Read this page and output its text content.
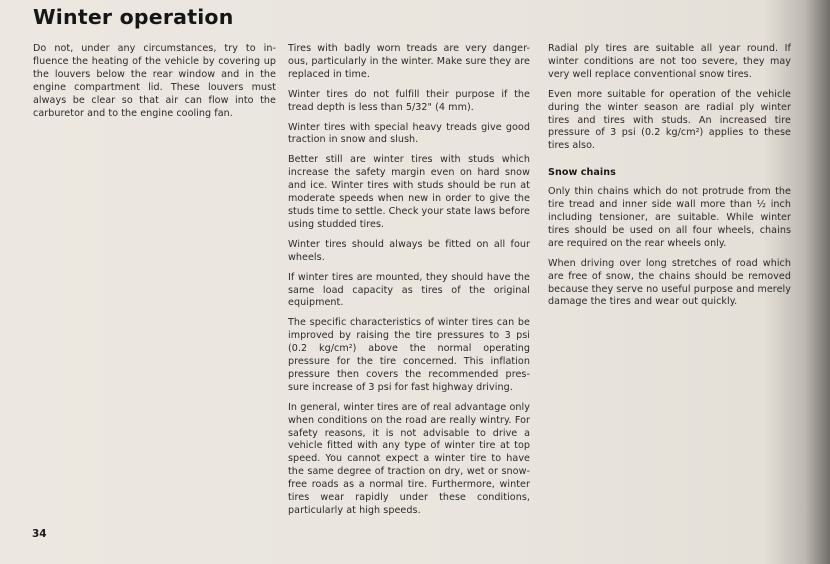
Winter operation

Do not, under any circumstances, try to in- fluence the heating of the vehicle by covering up the louvers below the rear window and in the engine compartment lid. These louvers must always be clear so that air can flow into the carburetor and to the engine cooling fan.

Tires with badly worn treads are very danger- ous, particularly in the winter. Make sure they are replaced in time.

Winter tires do not fulfill their purpose if the tread depth is less than 5/32" (4 mm).

Winter tires with special heavy treads give good traction in snow and slush.

Better still are winter tires with studs which increase the safety margin even on hard snow and ice. Winter tires with studs should be run at moderate speeds when new in order to give the studs time to settle. Check your state laws before using studded tires.

Winter tires should always be fitted on all four wheels.

If winter tires are mounted, they should have the same load capacity as tires of the original equipment.

The specific characteristics of winter tires can be improved by raising the tire pressures to 3 psi (0.2 kg/cm²) above the normal operating pressure for the tire concerned. This inflation pressure then covers the recommended pres- sure increase of 3 psi for fast highway driving.

In general, winter tires are of real advantage only when conditions on the road are really wintry. For safety reasons, it is not advisable to drive a vehicle fitted with any type of winter tire at top speed. You cannot expect a winter tire to have the same degree of traction on dry, wet or snow-free roads as a normal tire. Furthermore, winter tires wear rapidly under these conditions, particularly at high speeds.

Radial ply tires are suitable all year round. If winter conditions are not too severe, they may very well replace conventional snow tires.

Even more suitable for operation of the vehicle during the winter season are radial ply winter tires and tires with studs. An increased tire pressure of 3 psi (0.2 kg/cm²) applies to these tires also.

Snow chains

Only thin chains which do not protrude from the tire tread and inner side wall more than ½ inch including tensioner, are suitable. While winter tires should be used on all four wheels, chains are required on the rear wheels only.

When driving over long stretches of road which are free of snow, the chains should be removed because they serve no useful purpose and merely damage the tires and wear out quickly.

34
